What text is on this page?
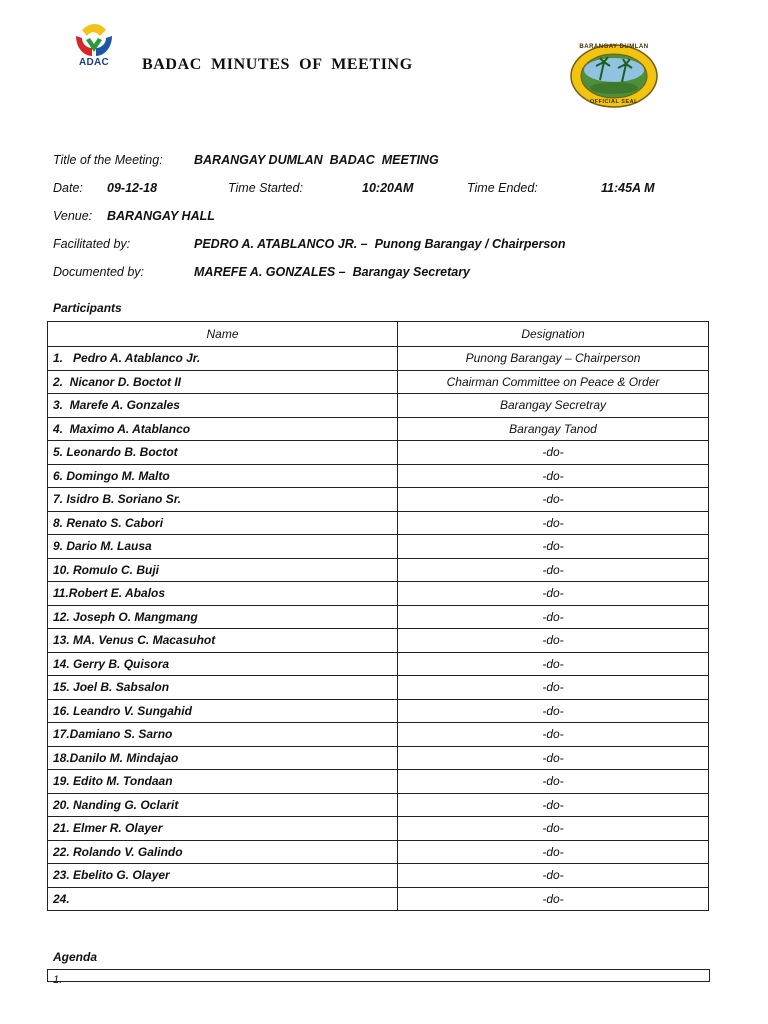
ADAC	BADAC  MINUTES  OF  MEETING
BARANGAY DUMLAN
OFFICIAL SEAL
Title of the Meeting:	BARANGAY DUMLAN  BADAC  MEETING
Date: 09-12-18	Time Started:	10:20AM	Time Ended:	11:45A M
Venue: BARANGAY HALL
Facilitated by:	PEDRO A. ATABLANCO JR. –  Punong Barangay / Chairperson
Documented by:	MAREFE A. GONZALES –  Barangay Secretary
Participants
Name	Designation
1.   Pedro A. Atablanco Jr.	Punong Barangay – Chairperson
2.  Nicanor D. Boctot II	Chairman Committee on Peace & Order
3.  Marefe A. Gonzales	Barangay Secretray
4.  Maximo A. Atablanco	Barangay Tanod
5. Leonardo B. Boctot	-do-
6. Domingo M. Malto	-do-
7. Isidro B. Soriano Sr.	-do-
8. Renato S. Cabori	-do-
9. Dario M. Lausa	-do-
10. Romulo C. Buji	-do-
11.Robert E. Abalos	-do-
12. Joseph O. Mangmang	-do-
13. MA. Venus C. Macasuhot	-do-
14. Gerry B. Quisora	-do-
15. Joel B. Sabsalon	-do-
16. Leandro V. Sungahid	-do-
17.Damiano S. Sarno	-do-
18.Danilo M. Mindajao	-do-
19. Edito M. Tondaan	-do-
20. Nanding G. Oclarit	-do-
21. Elmer R. Olayer	-do-
22. Rolando V. Galindo	-do-
23. Ebelito G. Olayer	-do-
24.	-do-
Agenda
1.
